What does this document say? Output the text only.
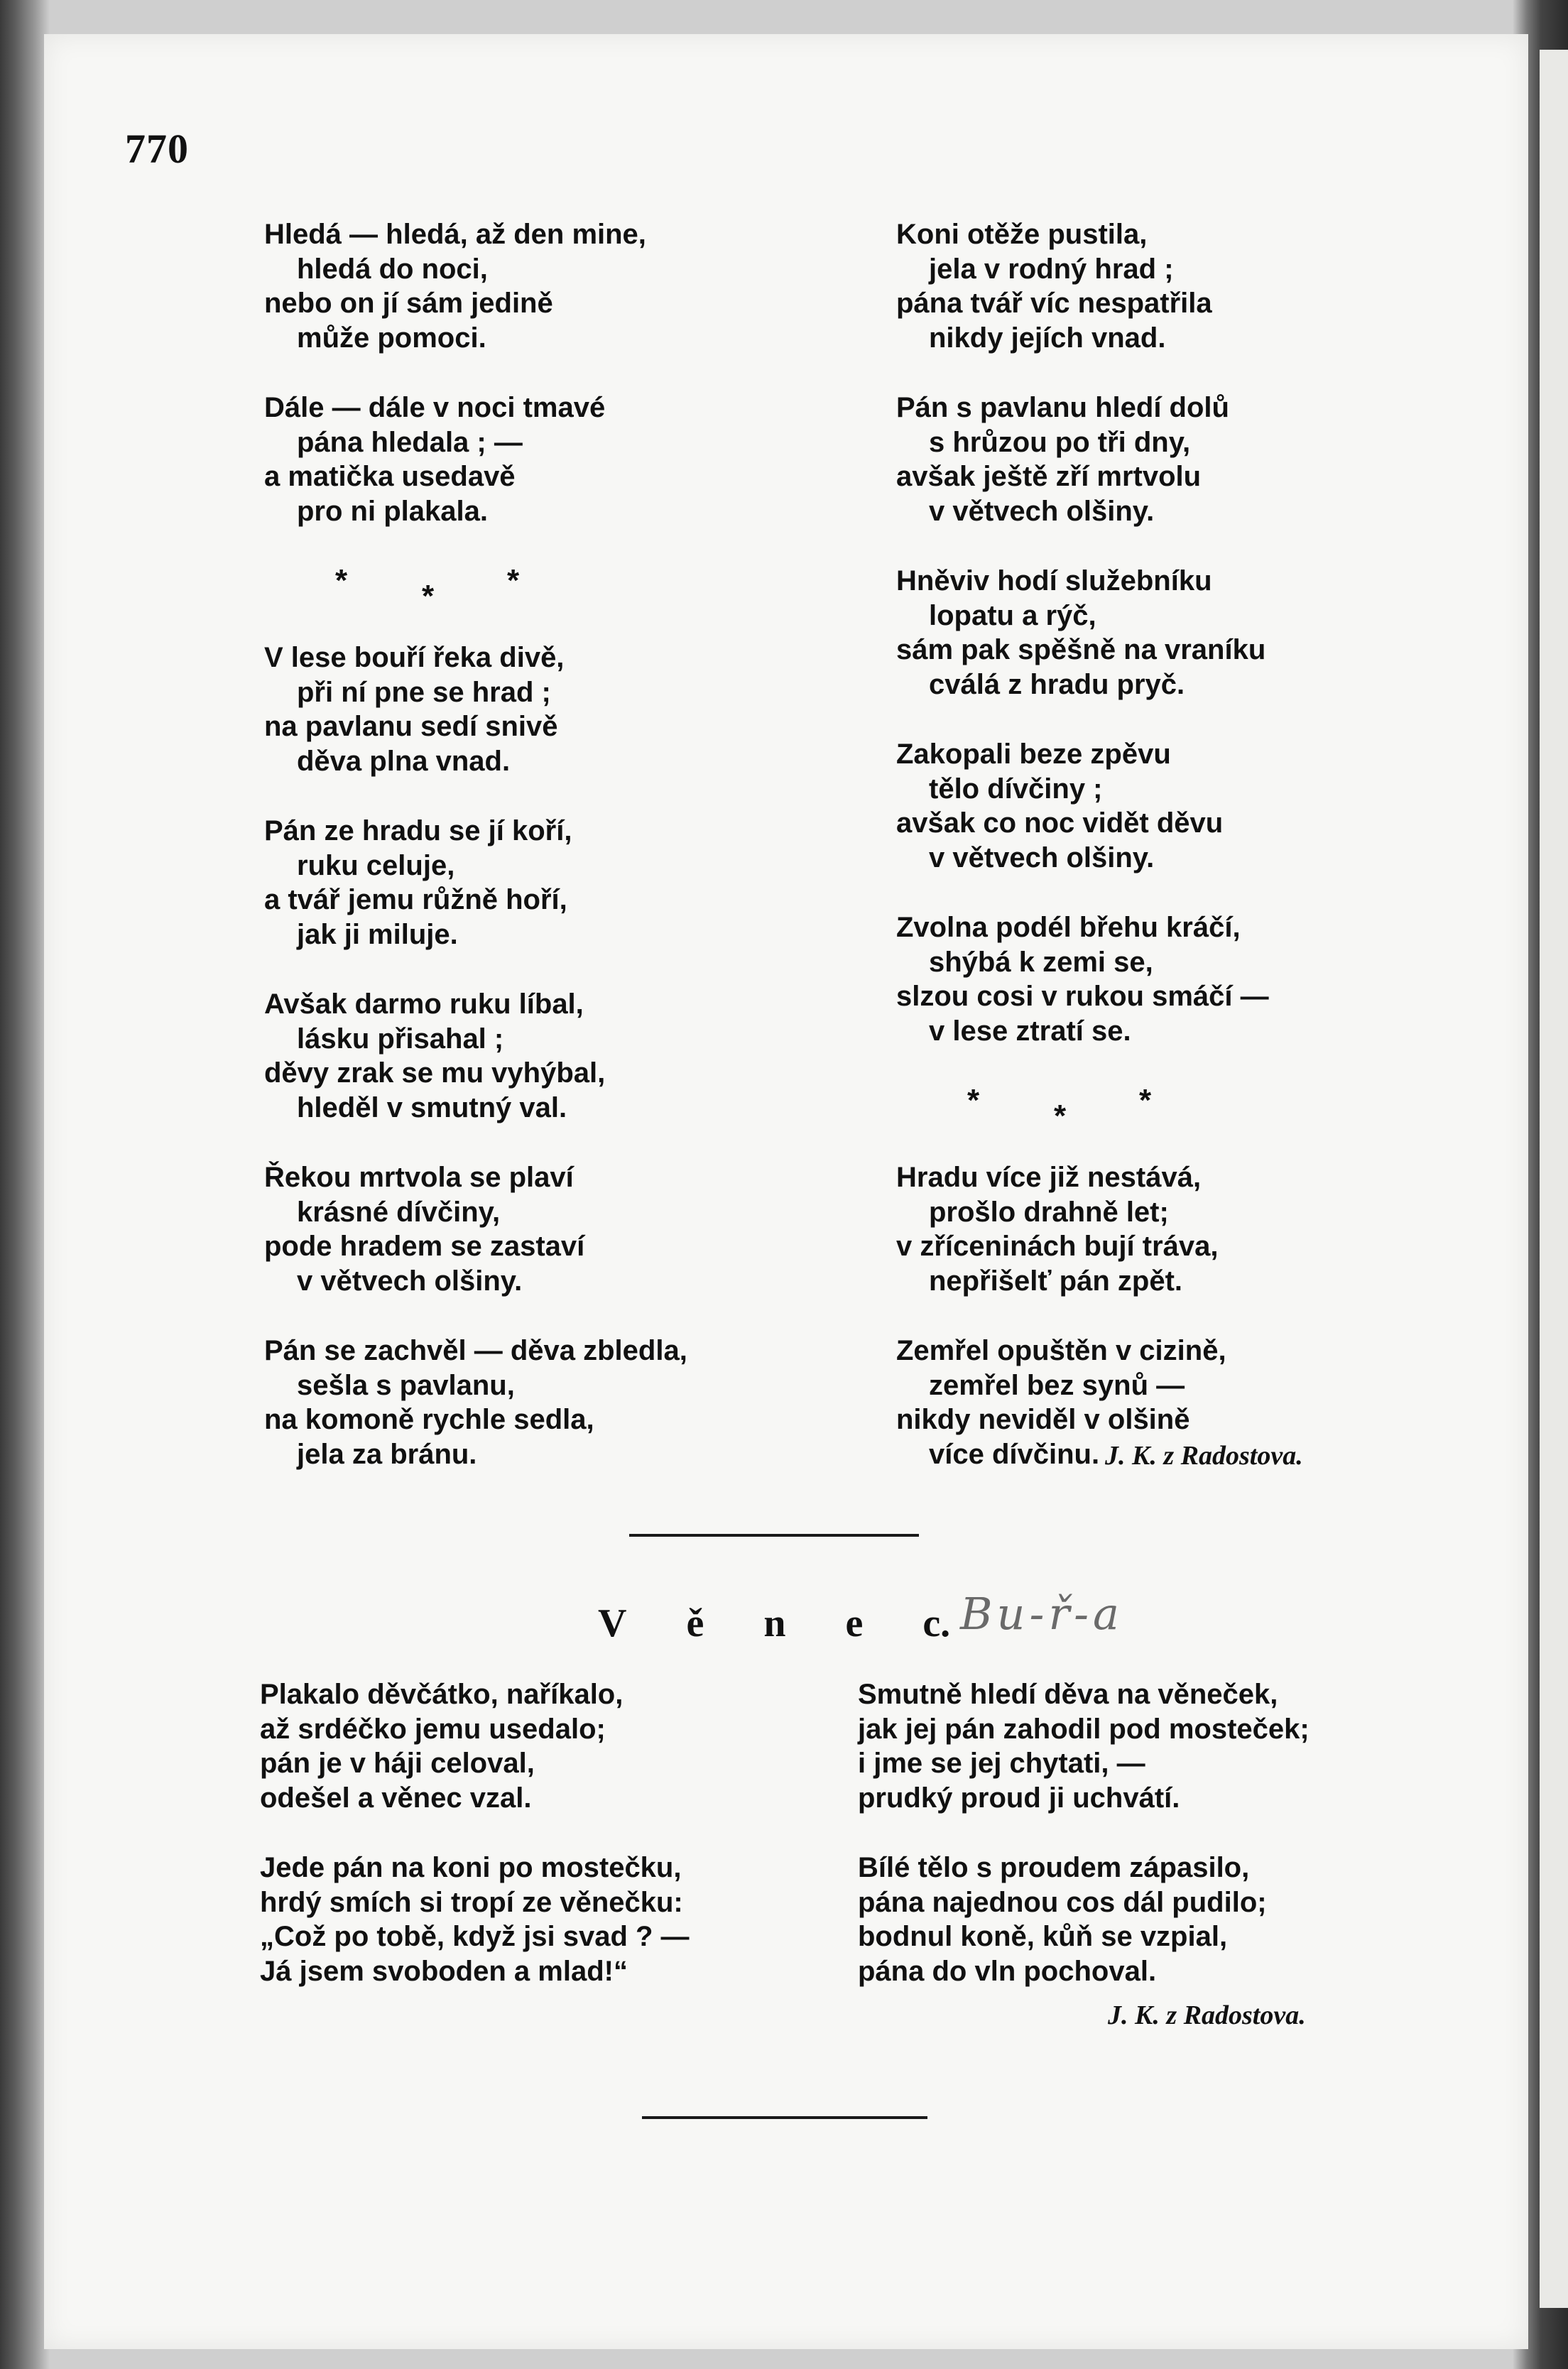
770
Hledá — hledá, až den mine,
hledá do noci,
nebo on jí sám jedině
může pomoci.
Dále — dále v noci tmavé
pána hledala ; —
a matička usedavě
pro ni plakala.
* * *
V lese bouří řeka divě,
při ní pne se hrad ;
na pavlanu sedí snivě
děva plna vnad.
Pán ze hradu se jí koří,
ruku celuje,
a tvář jemu růžně hoří,
jak ji miluje.
Avšak darmo ruku líbal,
lásku přisahal ;
děvy zrak se mu vyhýbal,
hleděl v smutný val.
Řekou mrtvola se plaví
krásné dívčiny,
pode hradem se zastaví
v větvech olšiny.
Pán se zachvěl — děva zbledla,
sešla s pavlanu,
na komoně rychle sedla,
jela za bránu.
Koni otěže pustila,
jela v rodný hrad ;
pána tvář víc nespatřila
nikdy jejích vnad.
Pán s pavlanu hledí dolů
s hrůzou po tři dny,
avšak ještě zří mrtvolu
v větvech olšiny.
Hněviv hodí služebníku
lopatu a rýč,
sám pak spěšně na vraníku
cválá z hradu pryč.
Zakopali beze zpěvu
tělo dívčiny ;
avšak co noc vidět děvu
v větvech olšiny.
Zvolna podél břehu kráčí,
shýbá k zemi se,
slzou cosi v rukou smáčí —
v lese ztratí se.
* * *
Hradu více již nestává,
prošlo drahně let;
v zříceninách bují tráva,
nepřišelť pán zpět.
Zemřel opuštěn v cizině,
zemřel bez synů —
nikdy neviděl v olšině
více dívčinu. J. K. z Radostova.
V ě n e c. Bu-ř-a
Plakalo děvčátko, naříkalo,
až srdéčko jemu usedalo;
pán je v háji celoval,
odešel a věnec vzal.
Jede pán na koni po mostečku,
hrdý smích si tropí ze věnečku:
„Což po tobě, když jsi svad ? —
Já jsem svoboden a mlad!“
Smutně hledí děva na věneček,
jak jej pán zahodil pod mosteček;
i jme se jej chytati, —
prudký proud ji uchvátí.
Bílé tělo s proudem zápasilo,
pána najednou cos dál pudilo;
bodnul koně, kůň se vzpial,
pána do vln pochoval.
J. K. z Radostova.
